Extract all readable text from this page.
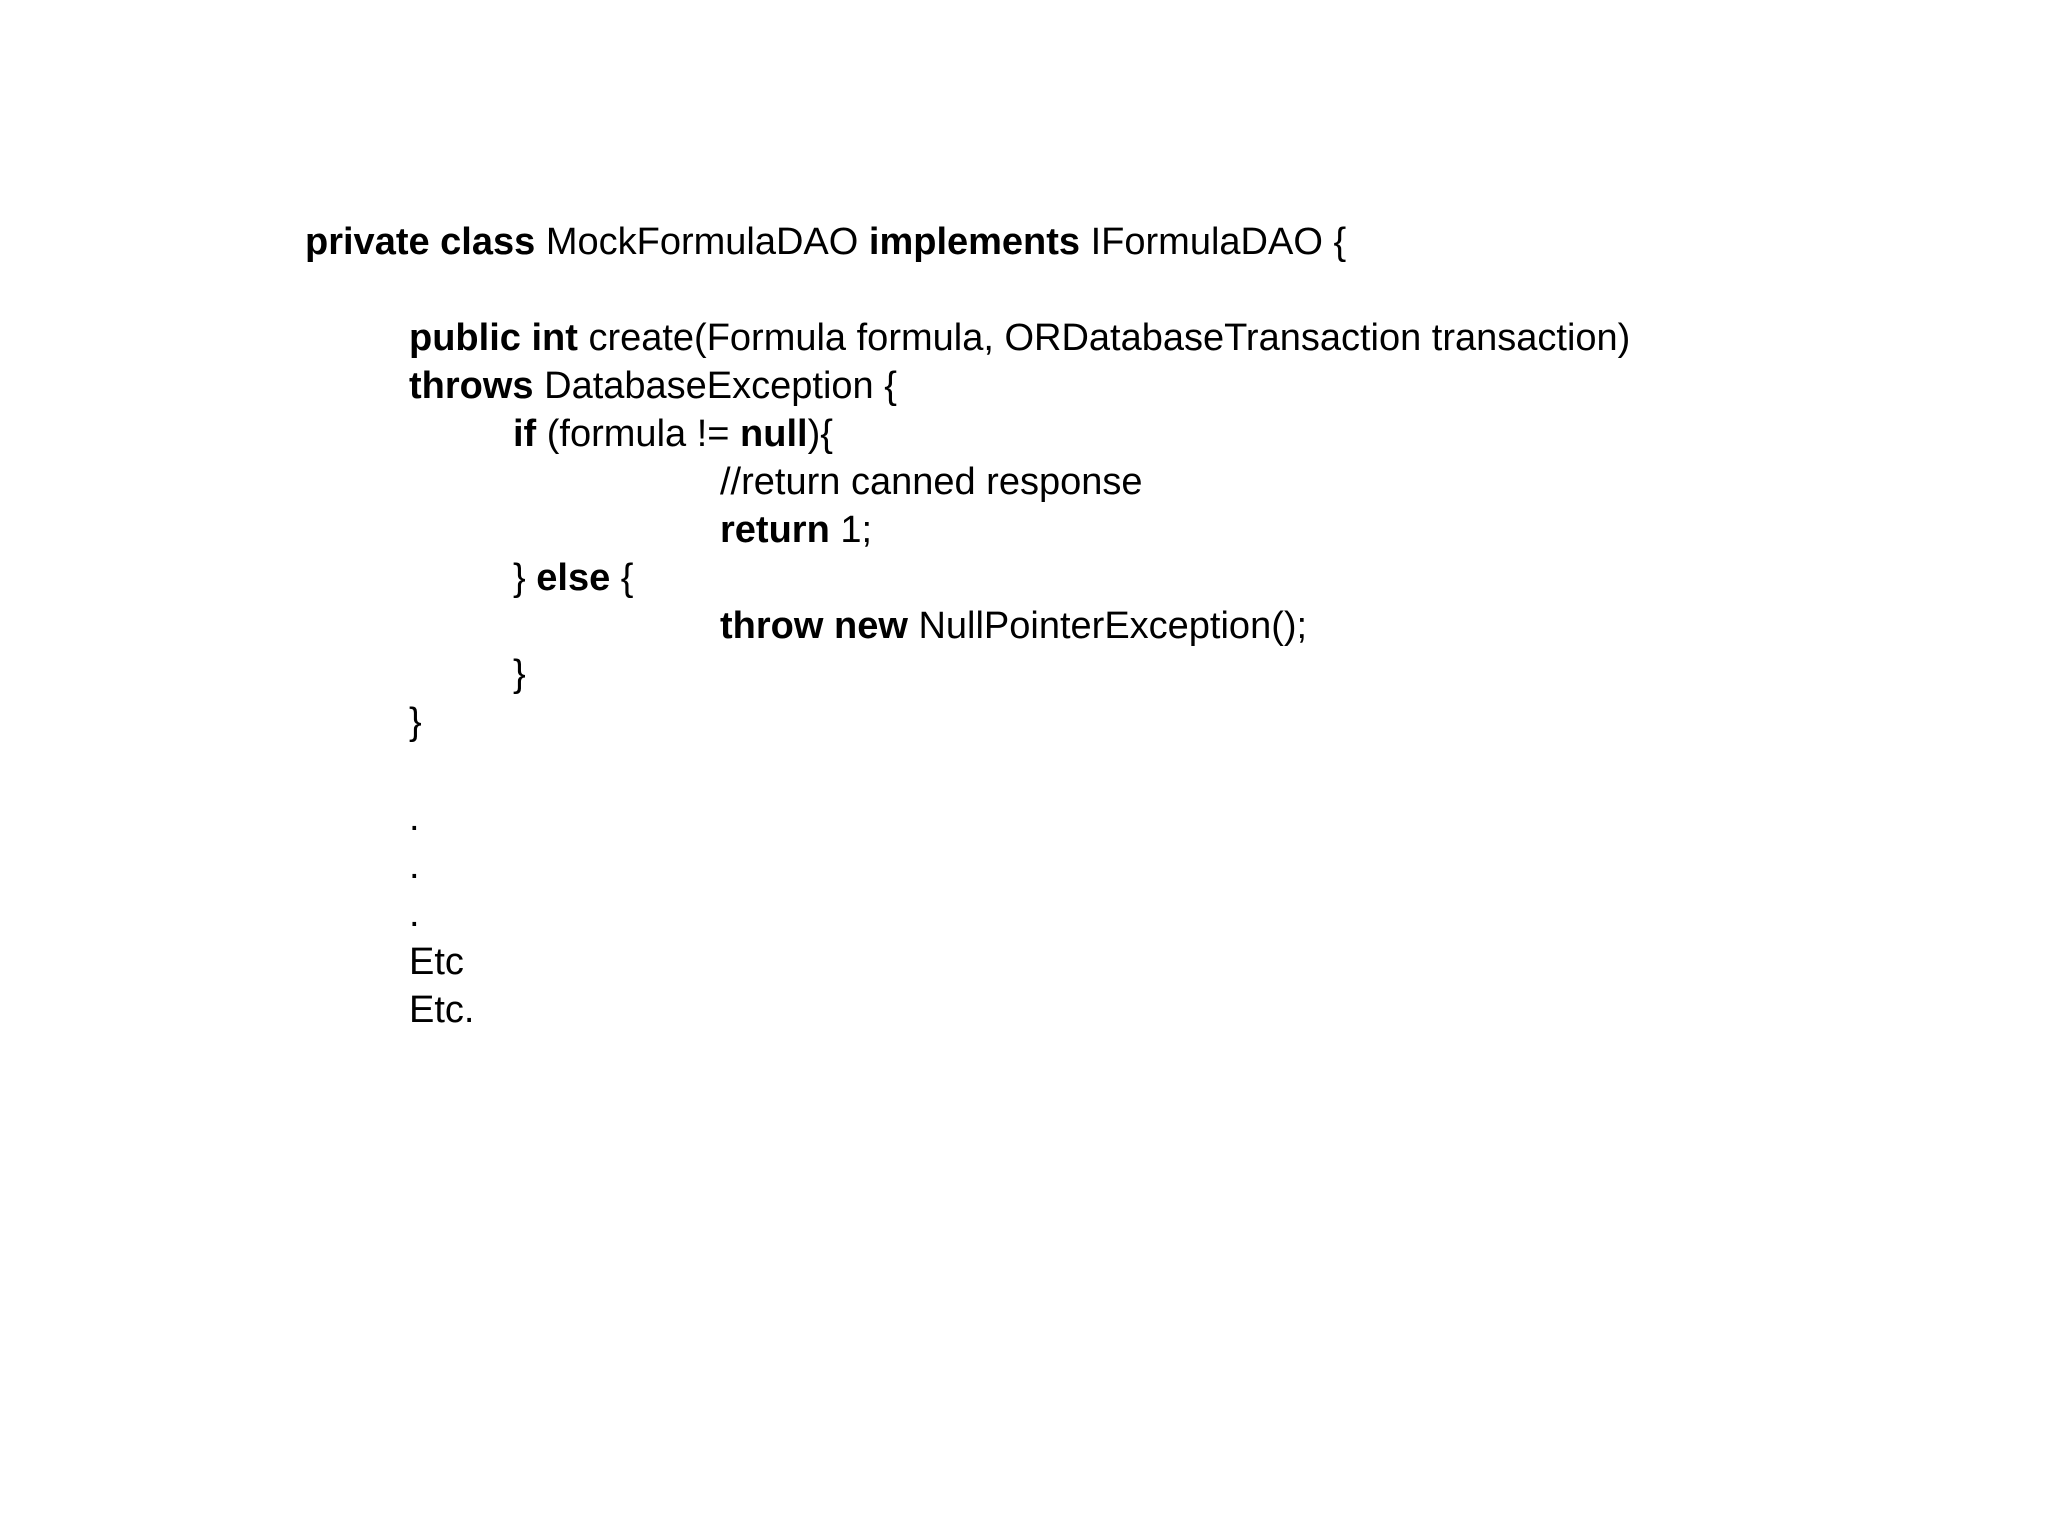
private class MockFormulaDAO implements IFormulaDAO {
public int create(Formula formula, ORDatabaseTransaction transaction)
throws DatabaseException {
if (formula != null){
//return canned response
return 1;
} else {
throw new NullPointerException();
}
}
.
.
.
Etc
Etc.
